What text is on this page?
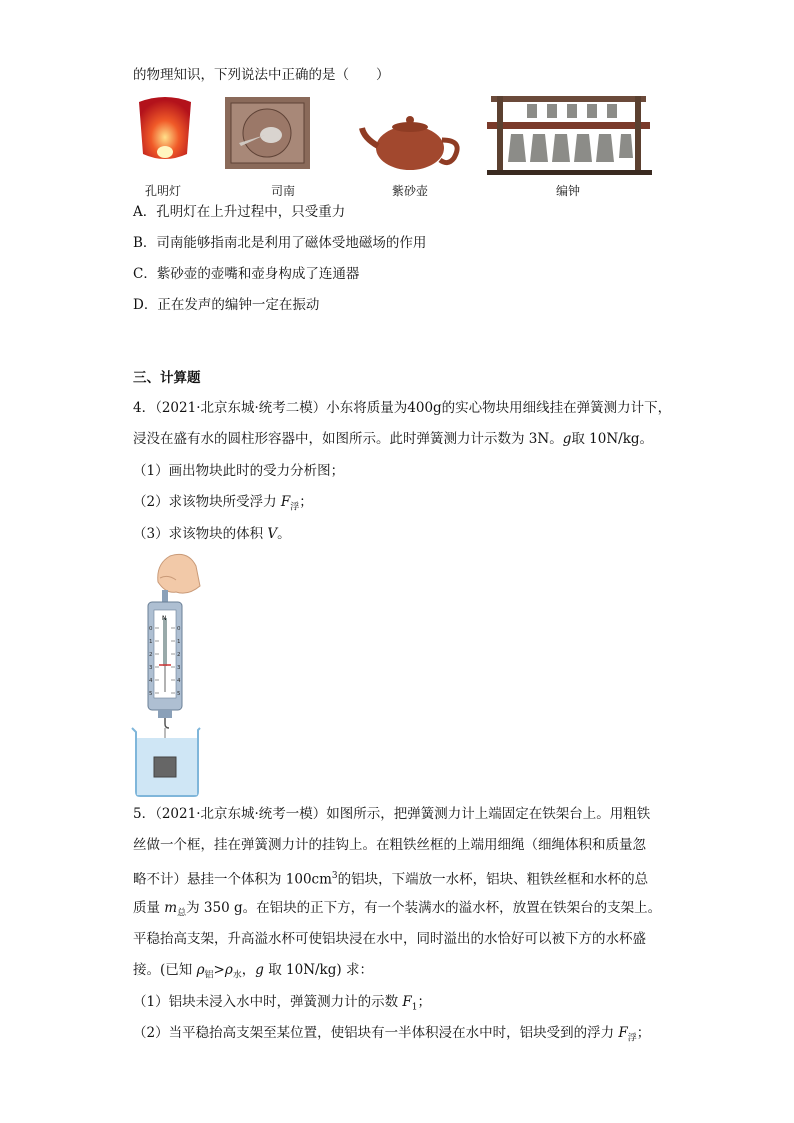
的物理知识，下列说法中正确的是（　　）
孔明灯	司南	紫砂壶	编钟
A．孔明灯在上升过程中，只受重力
B．司南能够指南北是利用了磁体受地磁场的作用
C．紫砂壶的壶嘴和壶身构成了连通器
D．正在发声的编钟一定在振动
三、计算题
4．（2021·北京东城·统考二模）小东将质量为400g的实心物块用细线挂在弹簧测力计下，
浸没在盛有水的圆柱形容器中，如图所示。此时弹簧测力计示数为 3N。g取 10N/kg。
（1）画出物块此时的受力分析图；
（2）求该物块所受浮力 $F_浮$；
（3）求该物块的体积 V。
N
0
1
2
3
4
5
0
1
2
3
4
5
5．（2021·北京东城·统考一模）如图所示，把弹簧测力计上端固定在铁架台上。用粗铁
丝做一个框，挂在弹簧测力计的挂钩上。在粗铁丝框的上端用细绳（细绳体积和质量忽
略不计）悬挂一个体积为 $100cm^3$的铝块，下端放一水杯，铝块、粗铁丝框和水杯的总
质量 $m_总$为 350 g。在铝块的正下方，有一个装满水的溢水杯，放置在铁架台的支架上。
平稳抬高支架，升高溢水杯可使铝块浸在水中，同时溢出的水恰好可以被下方的水杯盛
接。(已知 $\rho_铝>\rho_水$，g 取 10N/kg) 求：
（1）铝块未浸入水中时，弹簧测力计的示数 $F_1$；
（2）当平稳抬高支架至某位置，使铝块有一半体积浸在水中时，铝块受到的浮力 $F_浮$；
